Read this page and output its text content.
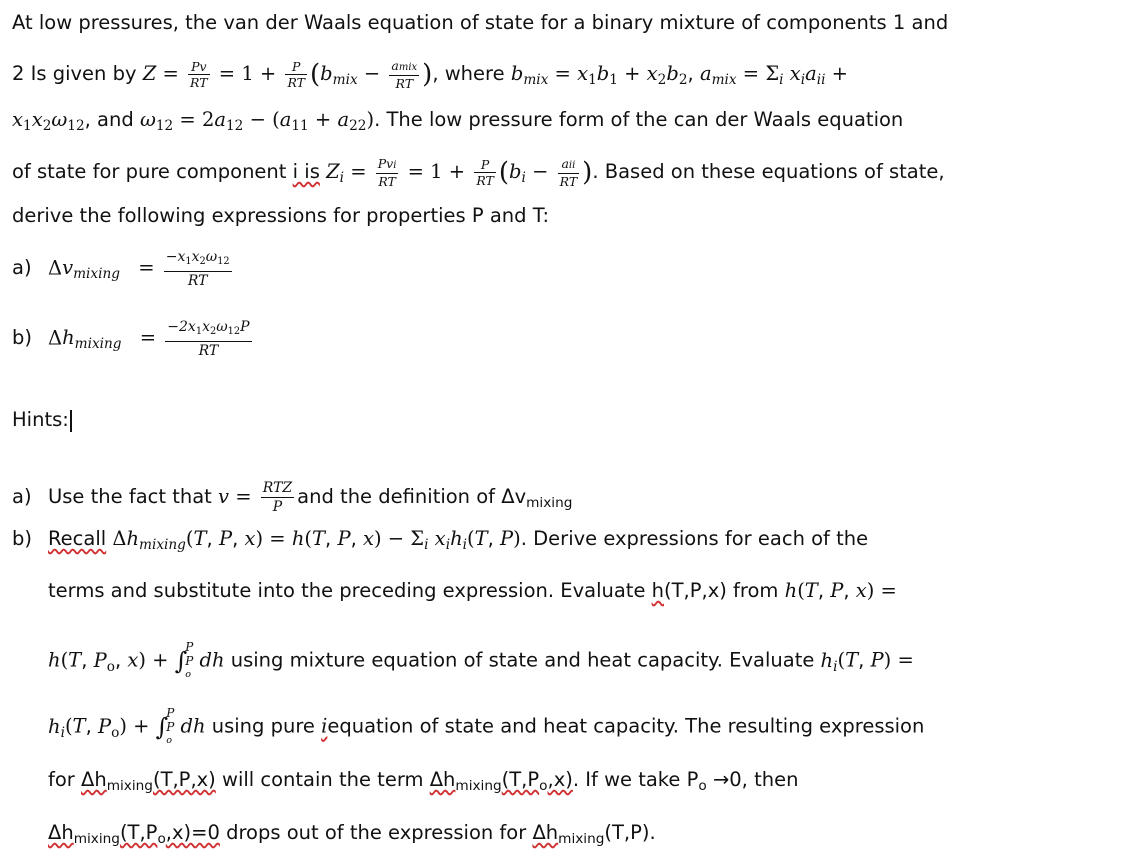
At low pressures, the van der Waals equation of state for a binary mixture of components 1 and
2 Is given by $Z = \frac{Pv}{RT} = 1 + \frac{P}{RT} (b_{mix} - \frac{\text{amix}}{RT}$ ), where $b_{mix} = x_1b_1 + x_2b_2$, $a_{mix} = \Sigma_i$ $x_ia_{ii}$ +
$x_1x_2\omega_{12}$, and $\omega_{12} = 2a_{12} - (a_{11} + a_{22})$. The low pressure form of the can der Waals equation
of state for pure component i is $Z_i = \frac{\text{Pvi}}{RT} = 1 + \frac{P}{RT} (b_i - \frac{\text{aii}}{RT}$ ). Based on these equations of state,
derive the following expressions for properties P and T:
a) $\Delta v_{mixing} = \frac{-x_1x_2\omega_{12}}{RT}$
b) $\Delta h_{mixing} = \frac{-2x_1x_2\omega_{12}P}{RT}$
Hints:
a) Use the fact that $v = \frac{\text{RTZ}}{P}$ and the definition of $\Delta v_{mixing}$
b) Recall $\Delta h_{mixing}(T$, P, x) = h(T, P, $x) - \Sigma_i$ $x_ih_i(T$, P). Derive expressions for each of the
terms and substitute into the preceding expression. Evaluate h(T,P,x) from h(T, P, x) =
h(T, $P_o$, x) + ∫
P
P
o
dh using mixture equation of state and heat capacity. Evaluate $h_i(T$, P) =
$h_i(T$, $P_o$) + ∫
P
P
o
dh using pure iequation of state and heat capacity. The resulting expression
for $\Delta h_{mixing}(T,P,x)$ will contain the term $\Delta h_{mixing}(T,P_o,x)$. If we take $P_o \to 0$, then
$\Delta h_{mixing}(T,P_o,x)=0$ drops out of the expression for $\Delta h_{mixing}(T,P)$.
